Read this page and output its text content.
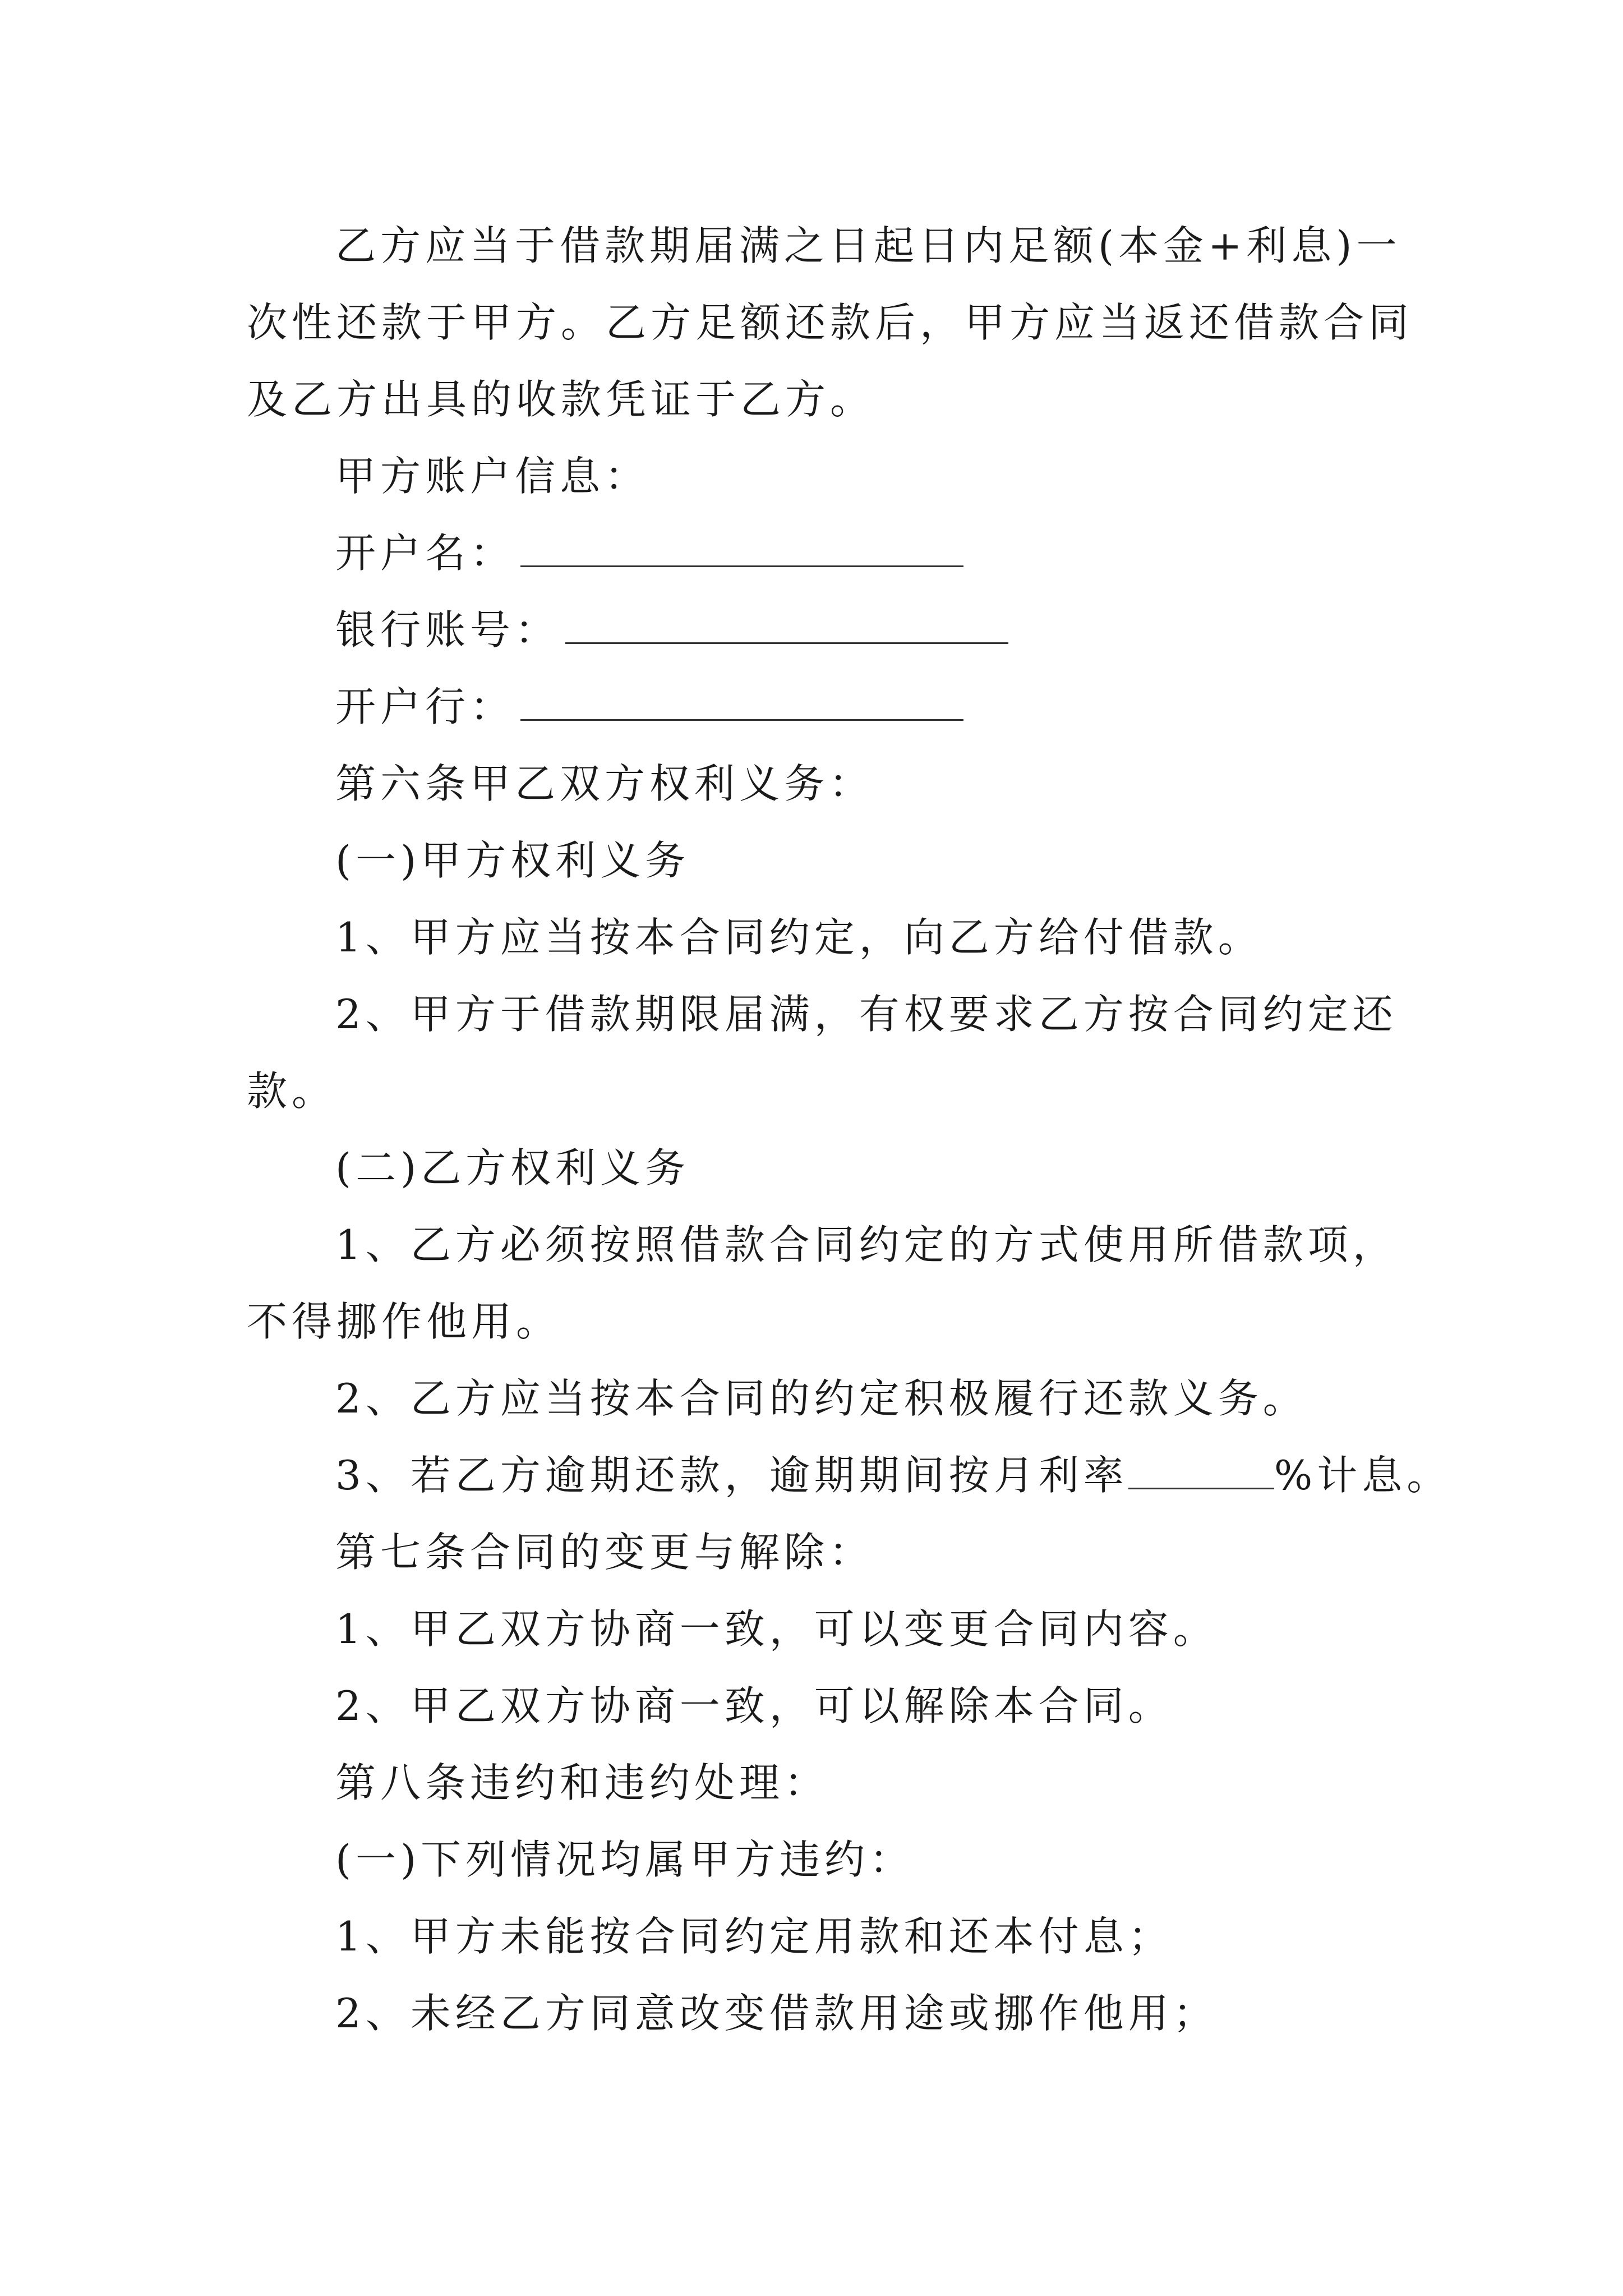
乙方应当于借款期届满之日起日内足额(本金+利息)一
次性还款于甲方。乙方足额还款后，甲方应当返还借款合同
及乙方出具的收款凭证于乙方。
甲方账户信息：
开户名：
银行账号：
开户行：
第六条甲乙双方权利义务：
(一)甲方权利义务
1、甲方应当按本合同约定，向乙方给付借款。
2、甲方于借款期限届满，有权要求乙方按合同约定还
款。
(二)乙方权利义务
1、乙方必须按照借款合同约定的方式使用所借款项，
不得挪作他用。
2、乙方应当按本合同的约定积极履行还款义务。
3、若乙方逾期还款，逾期期间按月利率	%计息。
第七条合同的变更与解除：
1、甲乙双方协商一致，可以变更合同内容。
2、甲乙双方协商一致，可以解除本合同。
第八条违约和违约处理：
(一)下列情况均属甲方违约：
1、甲方未能按合同约定用款和还本付息；
2、未经乙方同意改变借款用途或挪作他用；
